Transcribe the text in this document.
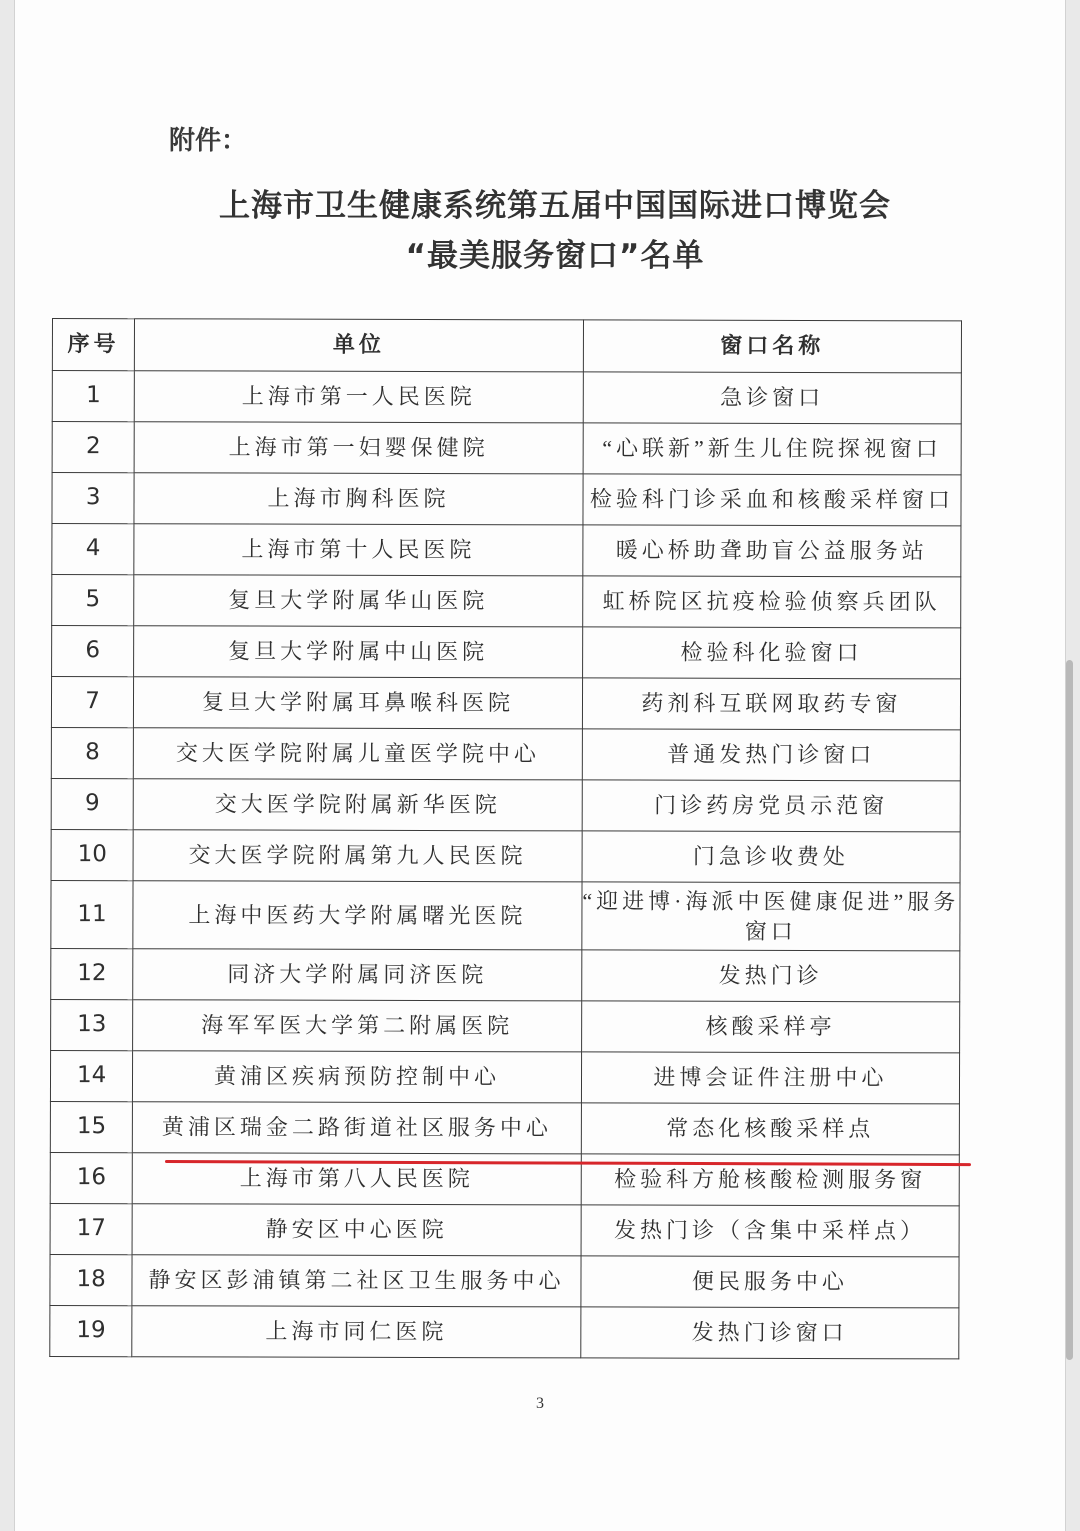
附件：
上海市卫生健康系统第五届中国国际进口博览会
“最美服务窗口”名单
序号	单位	窗口名称
1	上海市第一人民医院	急诊窗口
2	上海市第一妇婴保健院	“心联新”新生儿住院探视窗口
3	上海市胸科医院	检验科门诊采血和核酸采样窗口
4	上海市第十人民医院	暖心桥助聋助盲公益服务站
5	复旦大学附属华山医院	虹桥院区抗疫检验侦察兵团队
6	复旦大学附属中山医院	检验科化验窗口
7	复旦大学附属耳鼻喉科医院	药剂科互联网取药专窗
8	交大医学院附属儿童医学院中心	普通发热门诊窗口
9	交大医学院附属新华医院	门诊药房党员示范窗
10	交大医学院附属第九人民医院	门急诊收费处
11	上海中医药大学附属曙光医院	“迎进博·海派中医健康促进”服务窗口
12	同济大学附属同济医院	发热门诊
13	海军军医大学第二附属医院	核酸采样亭
14	黄浦区疾病预防控制中心	进博会证件注册中心
15	黄浦区瑞金二路街道社区服务中心	常态化核酸采样点
16	上海市第八人民医院	检验科方舱核酸检测服务窗
17	静安区中心医院	发热门诊（含集中采样点）
18	静安区彭浦镇第二社区卫生服务中心	便民服务中心
19	上海市同仁医院	发热门诊窗口
3
